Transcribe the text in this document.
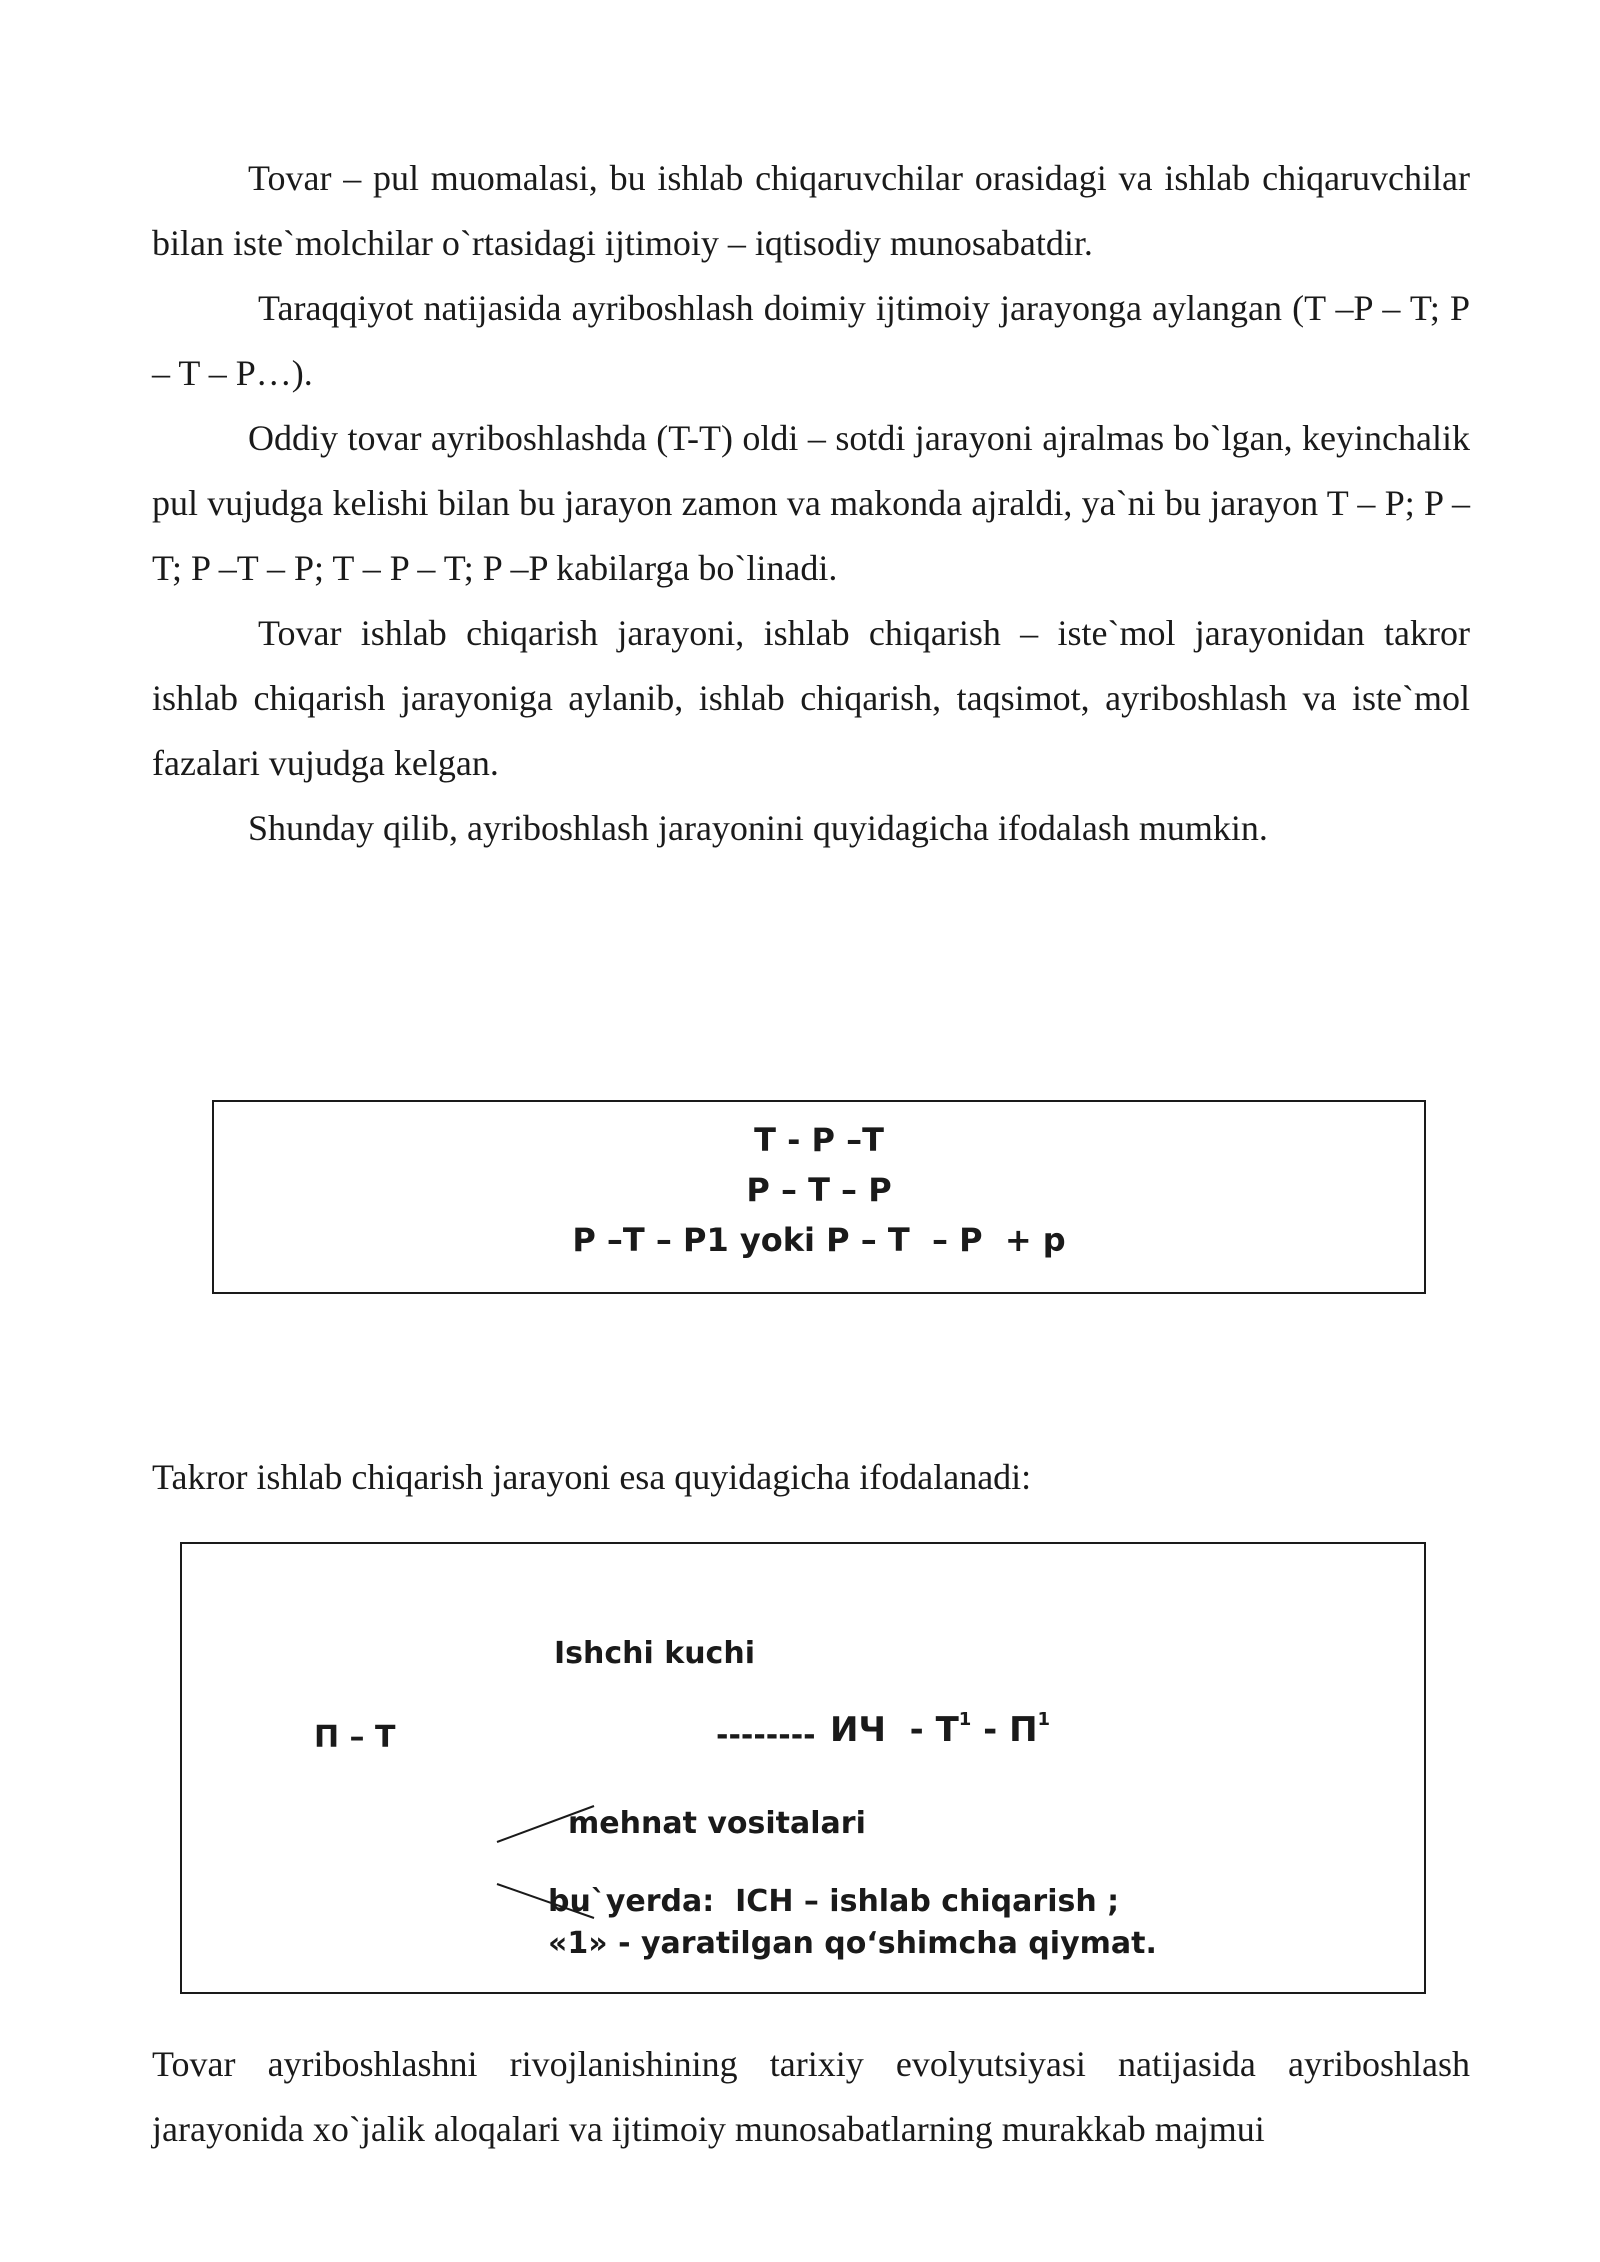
Tovar – pul muomalasi, bu ishlab chiqaruvchilar orasidagi va ishlab chiqaruvchilar bilan iste`molchilar o`rtasidagi ijtimoiy – iqtisodiy munosabatdir.

Taraqqiyot natijasida ayriboshlash doimiy ijtimoiy jarayonga aylangan (T –P – T; P – T – P…).

Oddiy tovar ayriboshlashda (T-T) oldi – sotdi jarayoni ajralmas bo`lgan, keyinchalik pul vujudga kelishi bilan bu jarayon zamon va makonda ajraldi, ya`ni bu jarayon T – P; P –T; P –T – P; T – P – T; P –P kabilarga bo`linadi.

Tovar ishlab chiqarish jarayoni, ishlab chiqarish – iste`mol jarayonidan takror ishlab chiqarish jarayoniga aylanib, ishlab chiqarish, taqsimot, ayriboshlash va iste`mol fazalari vujudga kelgan.

Shunday qilib, ayriboshlash jarayonini quyidagicha ifodalash mumkin.

T - P –T
P – T – P
P –T – P1 yoki P – T  – P  + p

Takror ishlab chiqarish jarayoni esa quyidagicha ifodalanadi:

Ishchi kuchi
П – Т	-------- ИЧ - $Т^1 - П^1$
mehnat vositalari
bu`yerda:  ICH – ishlab chiqarish ;
«1» - yaratilgan qo‘shimcha qiymat.

Tovar ayriboshlashni rivojlanishining tarixiy evolyutsiyasi natijasida ayriboshlash jarayonida xo`jalik aloqalari va ijtimoiy munosabatlarning murakkab majmui
